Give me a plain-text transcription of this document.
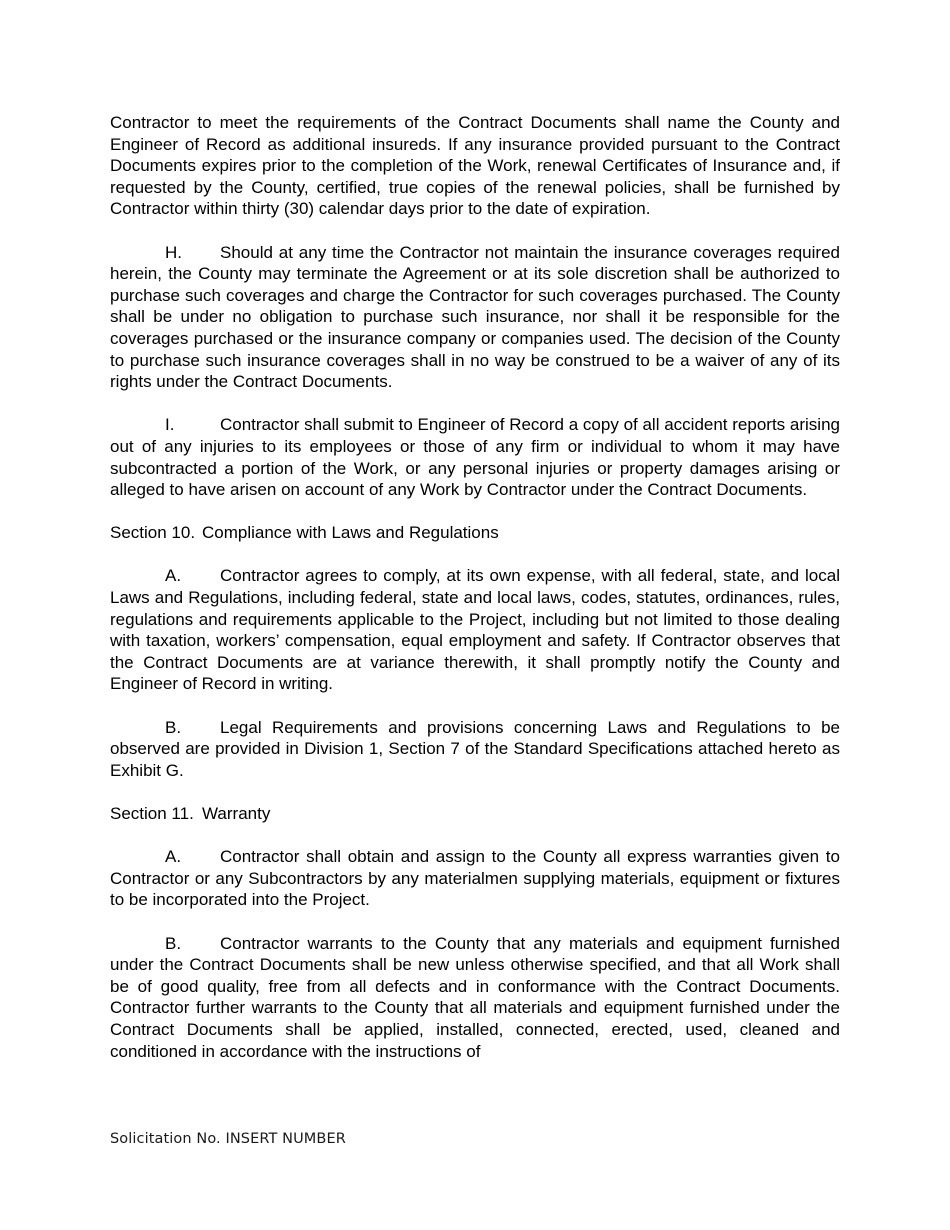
Contractor to meet the requirements of the Contract Documents shall name the County and Engineer of Record as additional insureds. If any insurance provided pursuant to the Contract Documents expires prior to the completion of the Work, renewal Certificates of Insurance and, if requested by the County, certified, true copies of the renewal policies, shall be furnished by Contractor within thirty (30) calendar days prior to the date of expiration.

H. Should at any time the Contractor not maintain the insurance coverages required herein, the County may terminate the Agreement or at its sole discretion shall be authorized to purchase such coverages and charge the Contractor for such coverages purchased. The County shall be under no obligation to purchase such insurance, nor shall it be responsible for the coverages purchased or the insurance company or companies used. The decision of the County to purchase such insurance coverages shall in no way be construed to be a waiver of any of its rights under the Contract Documents.

I.	Contractor shall submit to Engineer of Record a copy of all accident reports arising out of any injuries to its employees or those of any firm or individual to whom it may have subcontracted a portion of the Work, or any personal injuries or property damages arising or alleged to have arisen on account of any Work by Contractor under the Contract Documents.

Section 10. Compliance with Laws and Regulations

A. Contractor agrees to comply, at its own expense, with all federal, state, and local Laws and Regulations, including federal, state and local laws, codes, statutes, ordinances, rules, regulations and requirements applicable to the Project, including but not limited to those dealing with taxation, workers’ compensation, equal employment and safety. If Contractor observes that the Contract Documents are at variance therewith, it shall promptly notify the County and Engineer of Record in writing.

B. Legal Requirements and provisions concerning Laws and Regulations to be observed are provided in Division 1, Section 7 of the Standard Specifications attached hereto as Exhibit G.

Section 11. Warranty

A. Contractor shall obtain and assign to the County all express warranties given to Contractor or any Subcontractors by any materialmen supplying materials, equipment or fixtures to be incorporated into the Project.

B. Contractor warrants to the County that any materials and equipment furnished under the Contract Documents shall be new unless otherwise specified, and that all Work shall be of good quality, free from all defects and in conformance with the Contract Documents. Contractor further warrants to the County that all materials and equipment furnished under the Contract Documents shall be applied, installed, connected, erected, used, cleaned and conditioned in accordance with the instructions of

Solicitation No. INSERT NUMBER
